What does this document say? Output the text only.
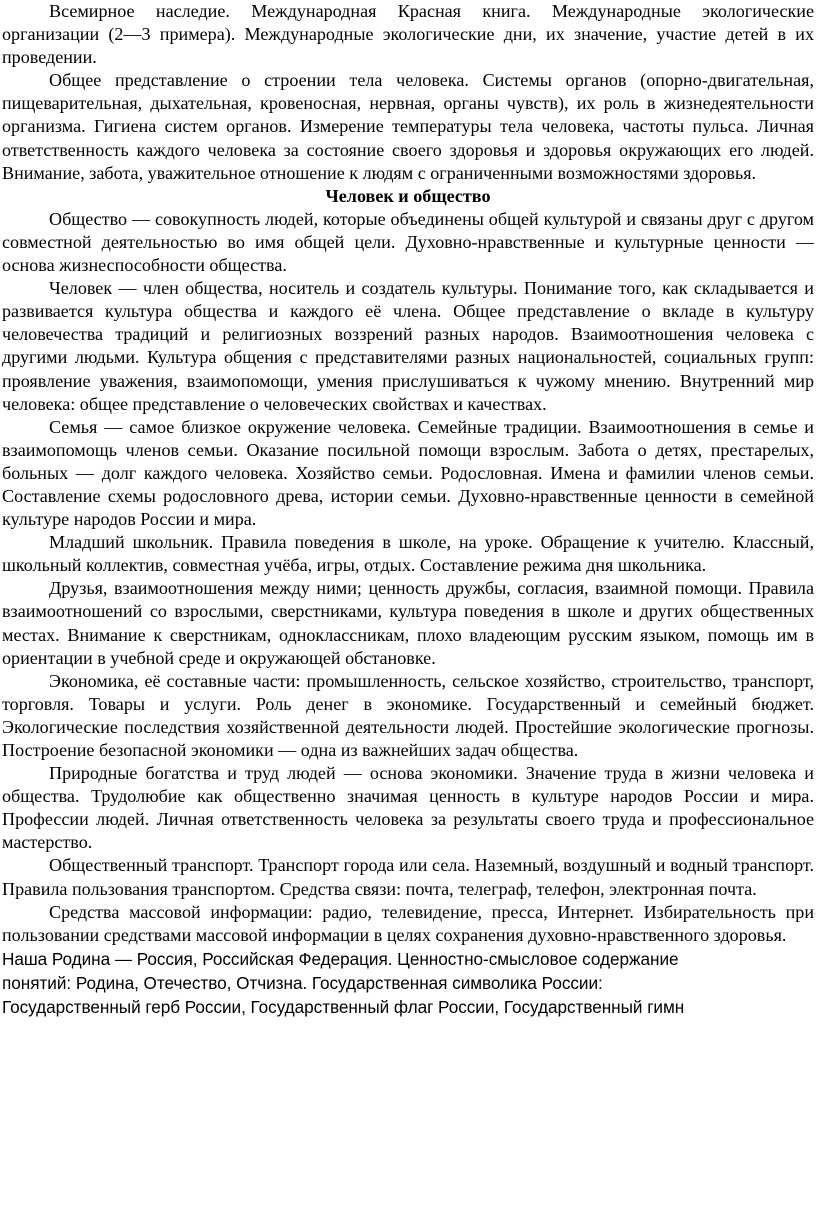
Всемирное наследие. Международная Красная книга. Международные экологические организации (2—3 примера). Международные экологические дни, их значение, участие детей в их проведении.

Общее представление о строении тела человека. Системы органов (опорно-двигательная, пищеварительная, дыхательная, кровеносная, нервная, органы чувств), их роль в жизнедеятельности организма. Гигиена систем органов. Измерение температуры тела человека, частоты пульса. Личная ответственность каждого человека за состояние своего здоровья и здоровья окружающих его людей. Внимание, забота, уважительное отношение к людям с ограниченными возможностями здоровья.

Человек и общество

Общество — совокупность людей, которые объединены общей культурой и связаны друг с другом совместной деятельностью во имя общей цели. Духовно-нравственные и культурные ценности — основа жизнеспособности общества.

Человек — член общества, носитель и создатель культуры. Понимание того, как складывается и развивается культура общества и каждого её члена. Общее представление о вкладе в культуру человечества традиций и религиозных воззрений разных народов. Взаимоотношения человека с другими людьми. Культура общения с представителями разных национальностей, социальных групп: проявление уважения, взаимопомощи, умения прислушиваться к чужому мнению. Внутренний мир человека: общее представление о человеческих свойствах и качествах.

Семья — самое близкое окружение человека. Семейные традиции. Взаимоотношения в семье и взаимопомощь членов семьи. Оказание посильной помощи взрослым. Забота о детях, престарелых, больных — долг каждого человека. Хозяйство семьи. Родословная. Имена и фамилии членов семьи. Составление схемы родословного древа, истории семьи. Духовно-нравственные ценности в семейной культуре народов России и мира.

Младший школьник. Правила поведения в школе, на уроке. Обращение к учителю. Классный, школьный коллектив, совместная учёба, игры, отдых. Составление режима дня школьника.

Друзья, взаимоотношения между ними; ценность дружбы, согласия, взаимной помощи. Правила взаимоотношений со взрослыми, сверстниками, культура поведения в школе и других общественных местах. Внимание к сверстникам, одноклассникам, плохо владеющим русским языком, помощь им в ориентации в учебной среде и окружающей обстановке.

Экономика, её составные части: промышленность, сельское хозяйство, строительство, транспорт, торговля. Товары и услуги. Роль денег в экономике. Государственный и семейный бюджет. Экологические последствия хозяйственной деятельности людей. Простейшие экологические прогнозы. Построение безопасной экономики — одна из важнейших задач общества.

Природные богатства и труд людей — основа экономики. Значение труда в жизни человека и общества. Трудолюбие как общественно значимая ценность в культуре народов России и мира. Профессии людей. Личная ответственность человека за результаты своего труда и профессиональное мастерство.

Общественный транспорт. Транспорт города или села. Наземный, воздушный и водный транспорт. Правила пользования транспортом. Средства связи: почта, телеграф, телефон, электронная почта.

Средства массовой информации: радио, телевидение, пресса, Интернет. Избирательность при пользовании средствами массовой информации в целях сохранения духовно-нравственного здоровья.

Наша Родина — Россия, Российская Федерация. Ценностно-смысловое содержание

понятий: Родина, Отечество, Отчизна. Государственная символика России:

Государственный герб России, Государственный флаг России, Государственный гимн
